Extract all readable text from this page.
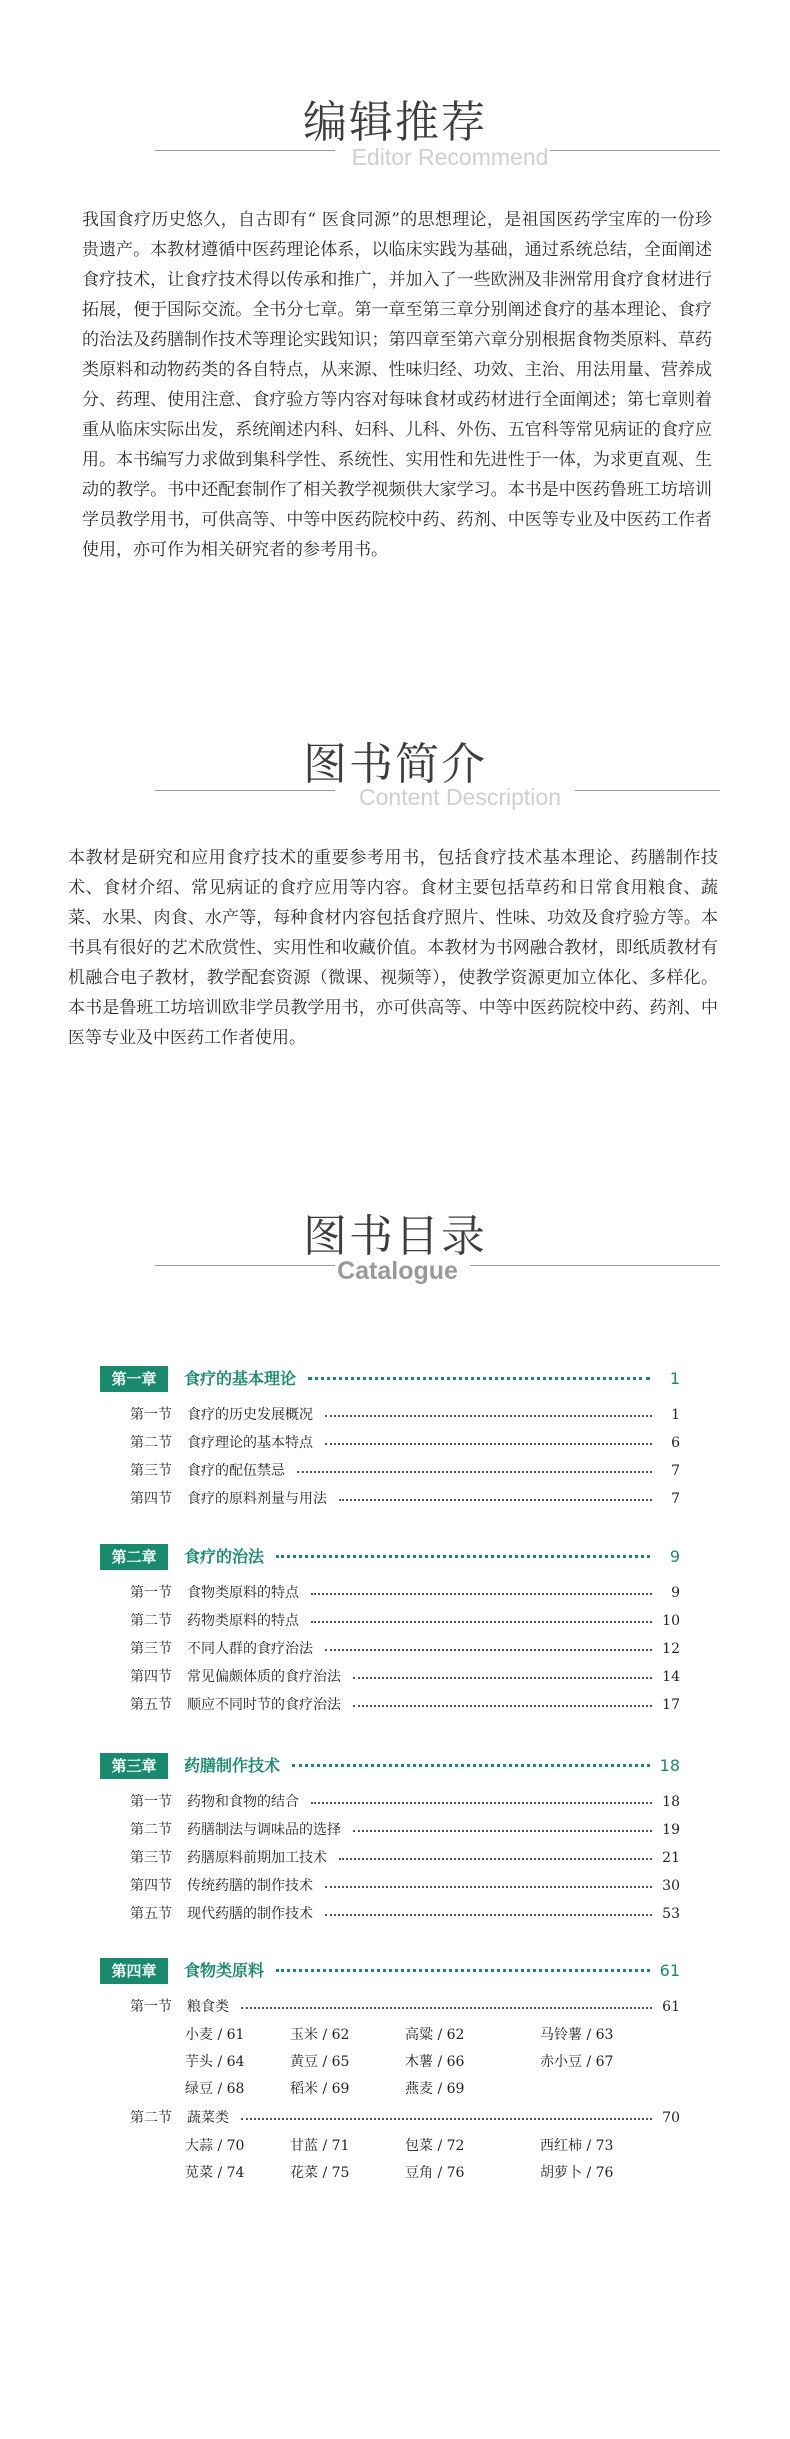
编辑推荐
Editor Recommend
我国食疗历史悠久，自古即有“ 医食同源”的思想理论，是祖国医药学宝库的一份珍贵遗产。本教材遵循中医药理论体系，以临床实践为基础，通过系统总结，全面阐述食疗技术，让食疗技术得以传承和推广，并加入了一些欧洲及非洲常用食疗食材进行拓展，便于国际交流。全书分七章。第一章至第三章分别阐述食疗的基本理论、食疗的治法及药膳制作技术等理论实践知识；第四章至第六章分别根据食物类原料、草药类原料和动物药类的各自特点，从来源、性味归经、功效、主治、用法用量、营养成分、药理、使用注意、食疗验方等内容对每味食材或药材进行全面阐述；第七章则着重从临床实际出发，系统阐述内科、妇科、儿科、外伤、五官科等常见病证的食疗应用。本书编写力求做到集科学性、系统性、实用性和先进性于一体，为求更直观、生动的教学。书中还配套制作了相关教学视频供大家学习。本书是中医药鲁班工坊培训学员教学用书，可供高等、中等中医药院校中药、药剂、中医等专业及中医药工作者使用，亦可作为相关研究者的参考用书。
图书简介
Content Description
本教材是研究和应用食疗技术的重要参考用书，包括食疗技术基本理论、药膳制作技术、食材介绍、常见病证的食疗应用等内容。食材主要包括草药和日常食用粮食、蔬菜、水果、肉食、水产等，每种食材内容包括食疗照片、性味、功效及食疗验方等。本书具有很好的艺术欣赏性、实用性和收藏价值。本教材为书网融合教材，即纸质教材有机融合电子教材，教学配套资源（微课、视频等），使教学资源更加立体化、多样化。本书是鲁班工坊培训欧非学员教学用书，亦可供高等、中等中医药院校中药、药剂、中医等专业及中医药工作者使用。
图书目录
Catalogue
第一章	食疗的基本理论	1
第一节 食疗的历史发展概况	1
第二节 食疗理论的基本特点	6
第三节 食疗的配伍禁忌	7
第四节 食疗的原料剂量与用法	7
第二章	食疗的治法	9
第一节 食物类原料的特点	9
第二节 药物类原料的特点	10
第三节 不同人群的食疗治法	12
第四节 常见偏颇体质的食疗治法	14
第五节 顺应不同时节的食疗治法	17
第三章	药膳制作技术	18
第一节 药物和食物的结合	18
第二节 药膳制法与调味品的选择	19
第三节 药膳原料前期加工技术	21
第四节 传统药膳的制作技术	30
第五节 现代药膳的制作技术	53
第四章	食物类原料	61
第一节 粮食类	61
小麦 / 61	玉米 / 62	高粱 / 62	马铃薯 / 63
芋头 / 64	黄豆 / 65	木薯 / 66	赤小豆 / 67
绿豆 / 68	稻米 / 69	燕麦 / 69
第二节 蔬菜类	70
大蒜 / 70	甘蓝 / 71	包菜 / 72	西红柿 / 73
苋菜 / 74	花菜 / 75	豆角 / 76	胡萝卜 / 76
